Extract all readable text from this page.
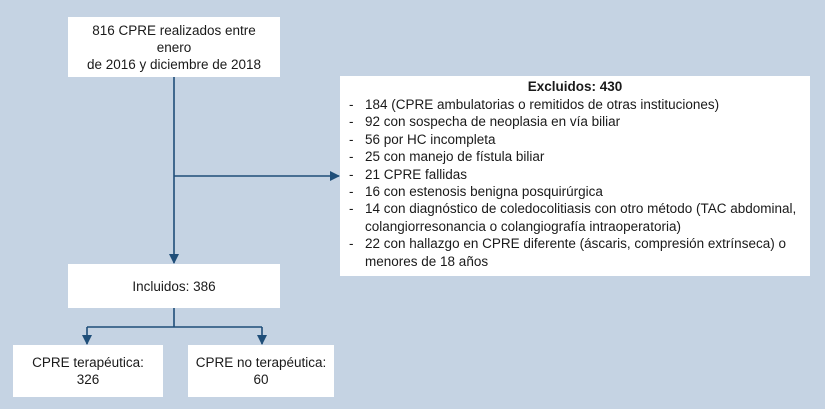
816 CPRE realizados entre enero
de 2016 y diciembre de 2018
Excluidos: 430
- 184 (CPRE ambulatorias o remitidos de otras instituciones)
- 92 con sospecha de neoplasia en vía biliar
- 56 por HC incompleta
- 25 con manejo de fístula biliar
- 21 CPRE fallidas
- 16 con estenosis benigna posquirúrgica
- 14 con diagnóstico de coledocolitiasis con otro método (TAC abdominal, colangiorresonancia o colangiografía intraoperatoria)
- 22 con hallazgo en CPRE diferente (áscaris, compresión extrínseca) o menores de 18 años
Incluidos: 386
CPRE terapéutica:
326
CPRE no terapéutica:
60
